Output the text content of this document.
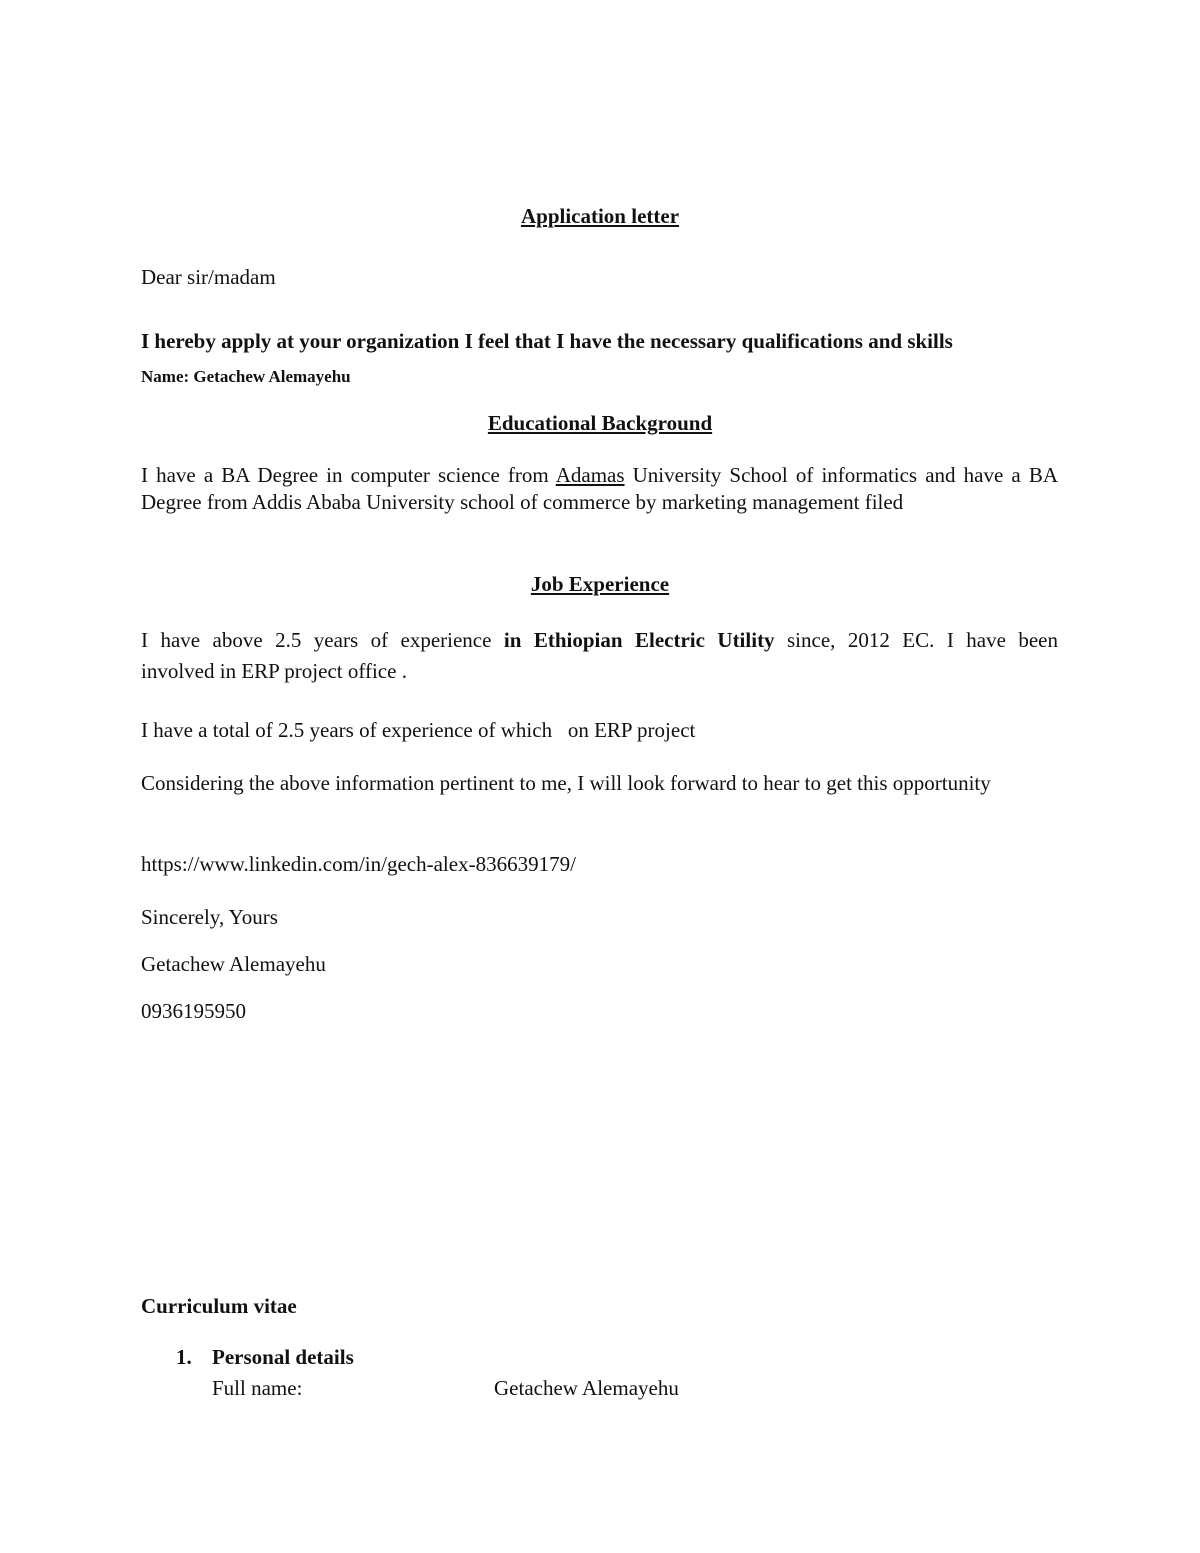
Application letter

Dear sir/madam

I hereby apply at your organization I feel that I have the necessary qualifications and skills

Name: Getachew Alemayehu

Educational Background

I have a BA Degree in computer science from Adamas University School of informatics and have a BA Degree from Addis Ababa University school of commerce by marketing management filed

Job Experience

I have above 2.5 years of experience in Ethiopian Electric Utility since, 2012 EC. I have been
involved in ERP project office .

I have a total of 2.5 years of experience of which   on ERP project

Considering the above information pertinent to me, I will look forward to hear to get this opportunity

https://www.linkedin.com/in/gech-alex-836639179/

Sincerely, Yours

Getachew Alemayehu

0936195950

Curriculum vitae

1. Personal details

Full name:	Getachew Alemayehu
